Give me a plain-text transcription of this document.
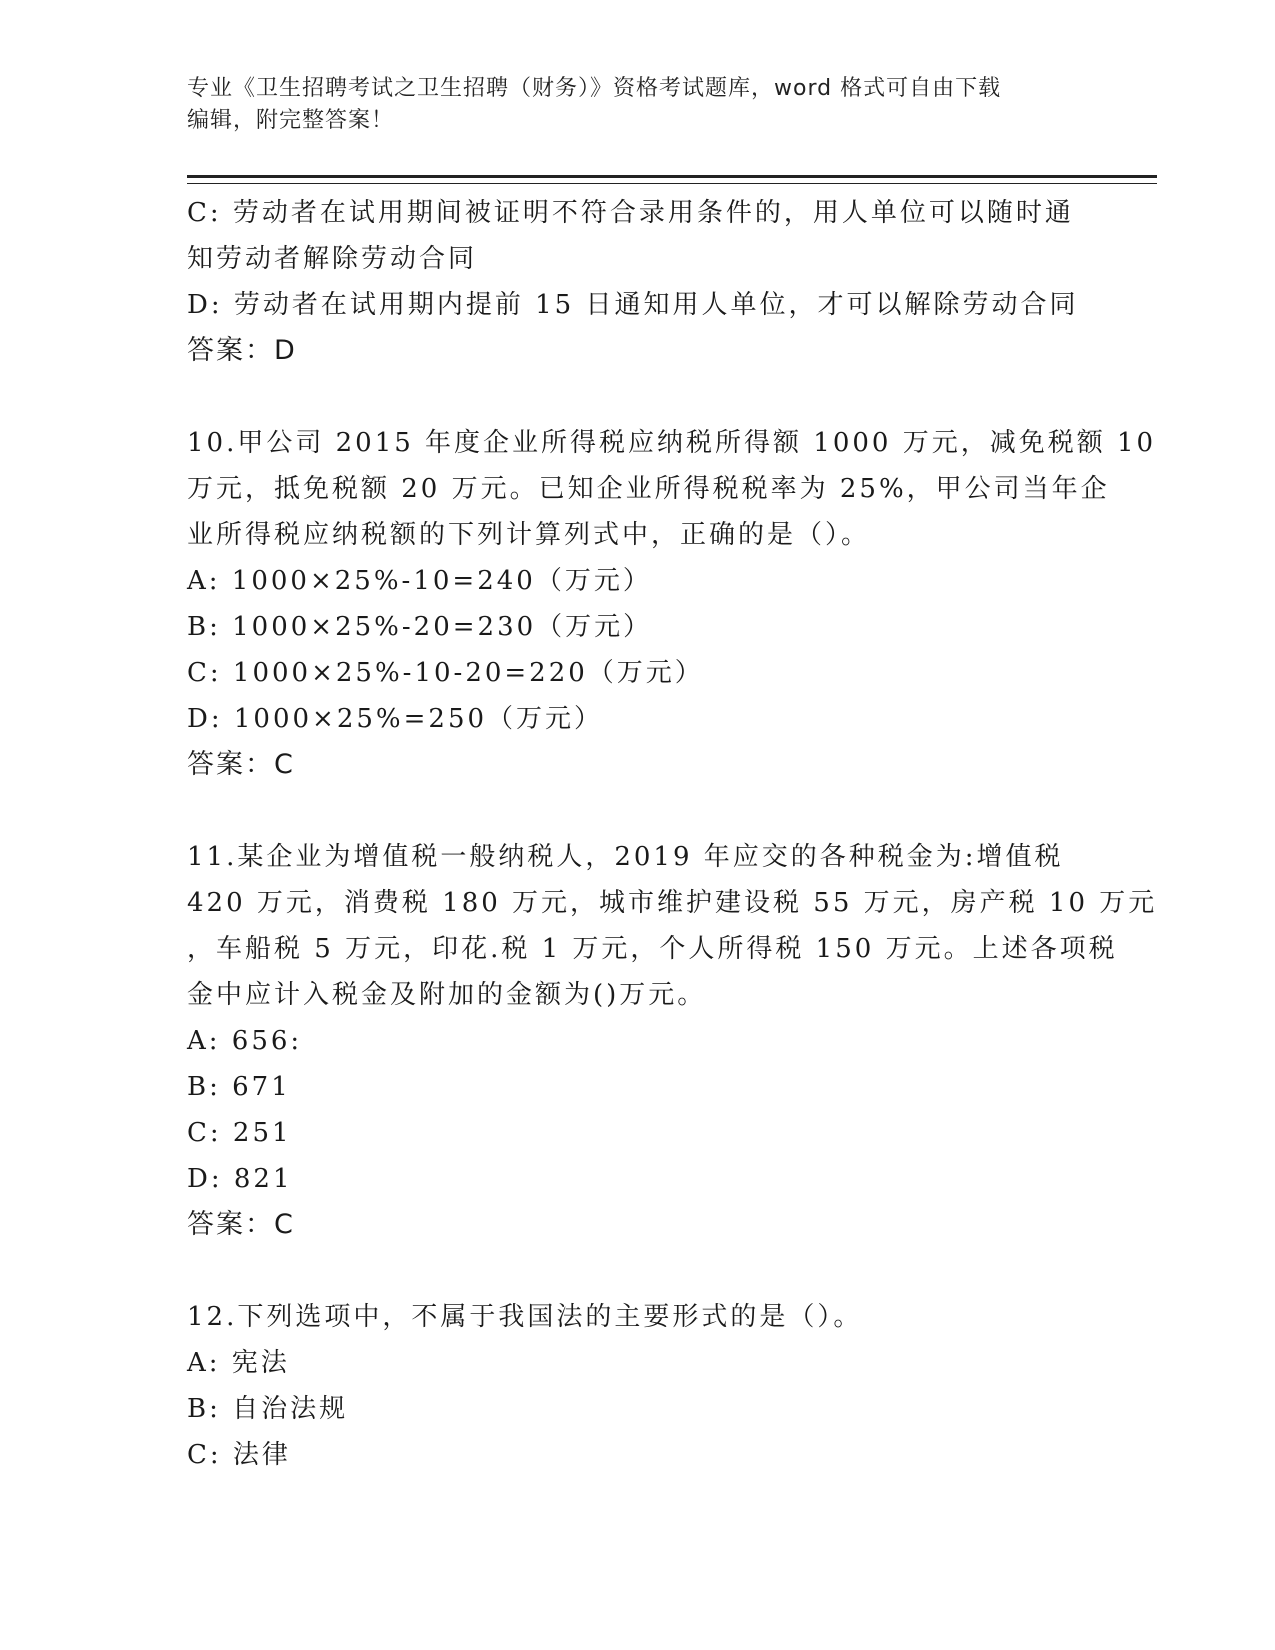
专业《卫生招聘考试之卫生招聘（财务）》资格考试题库，word 格式可自由下载
编辑，附完整答案！
C: 劳动者在试用期间被证明不符合录用条件的，用人单位可以随时通
知劳动者解除劳动合同
D: 劳动者在试用期内提前 15 日通知用人单位，才可以解除劳动合同
答案：D
10.甲公司 2015 年度企业所得税应纳税所得额 1000 万元，减免税额 10
万元，抵免税额 20 万元。已知企业所得税税率为 25%，甲公司当年企
业所得税应纳税额的下列计算列式中，正确的是（）。
A: 1000×25%-10=240（万元）
B: 1000×25%-20=230（万元）
C: 1000×25%-10-20=220（万元）
D: 1000×25%=250（万元）
答案：C
11.某企业为增值税一般纳税人，2019 年应交的各种税金为:增值税
420 万元，消费税 180 万元，城市维护建设税 55 万元，房产税 10 万元
，车船税 5 万元，印花.税 1 万元，个人所得税 150 万元。上述各项税
金中应计入税金及附加的金额为()万元。
A: 656:
B: 671
C: 251
D: 821
答案：C
12.下列选项中，不属于我国法的主要形式的是（）。
A: 宪法
B: 自治法规
C: 法律
